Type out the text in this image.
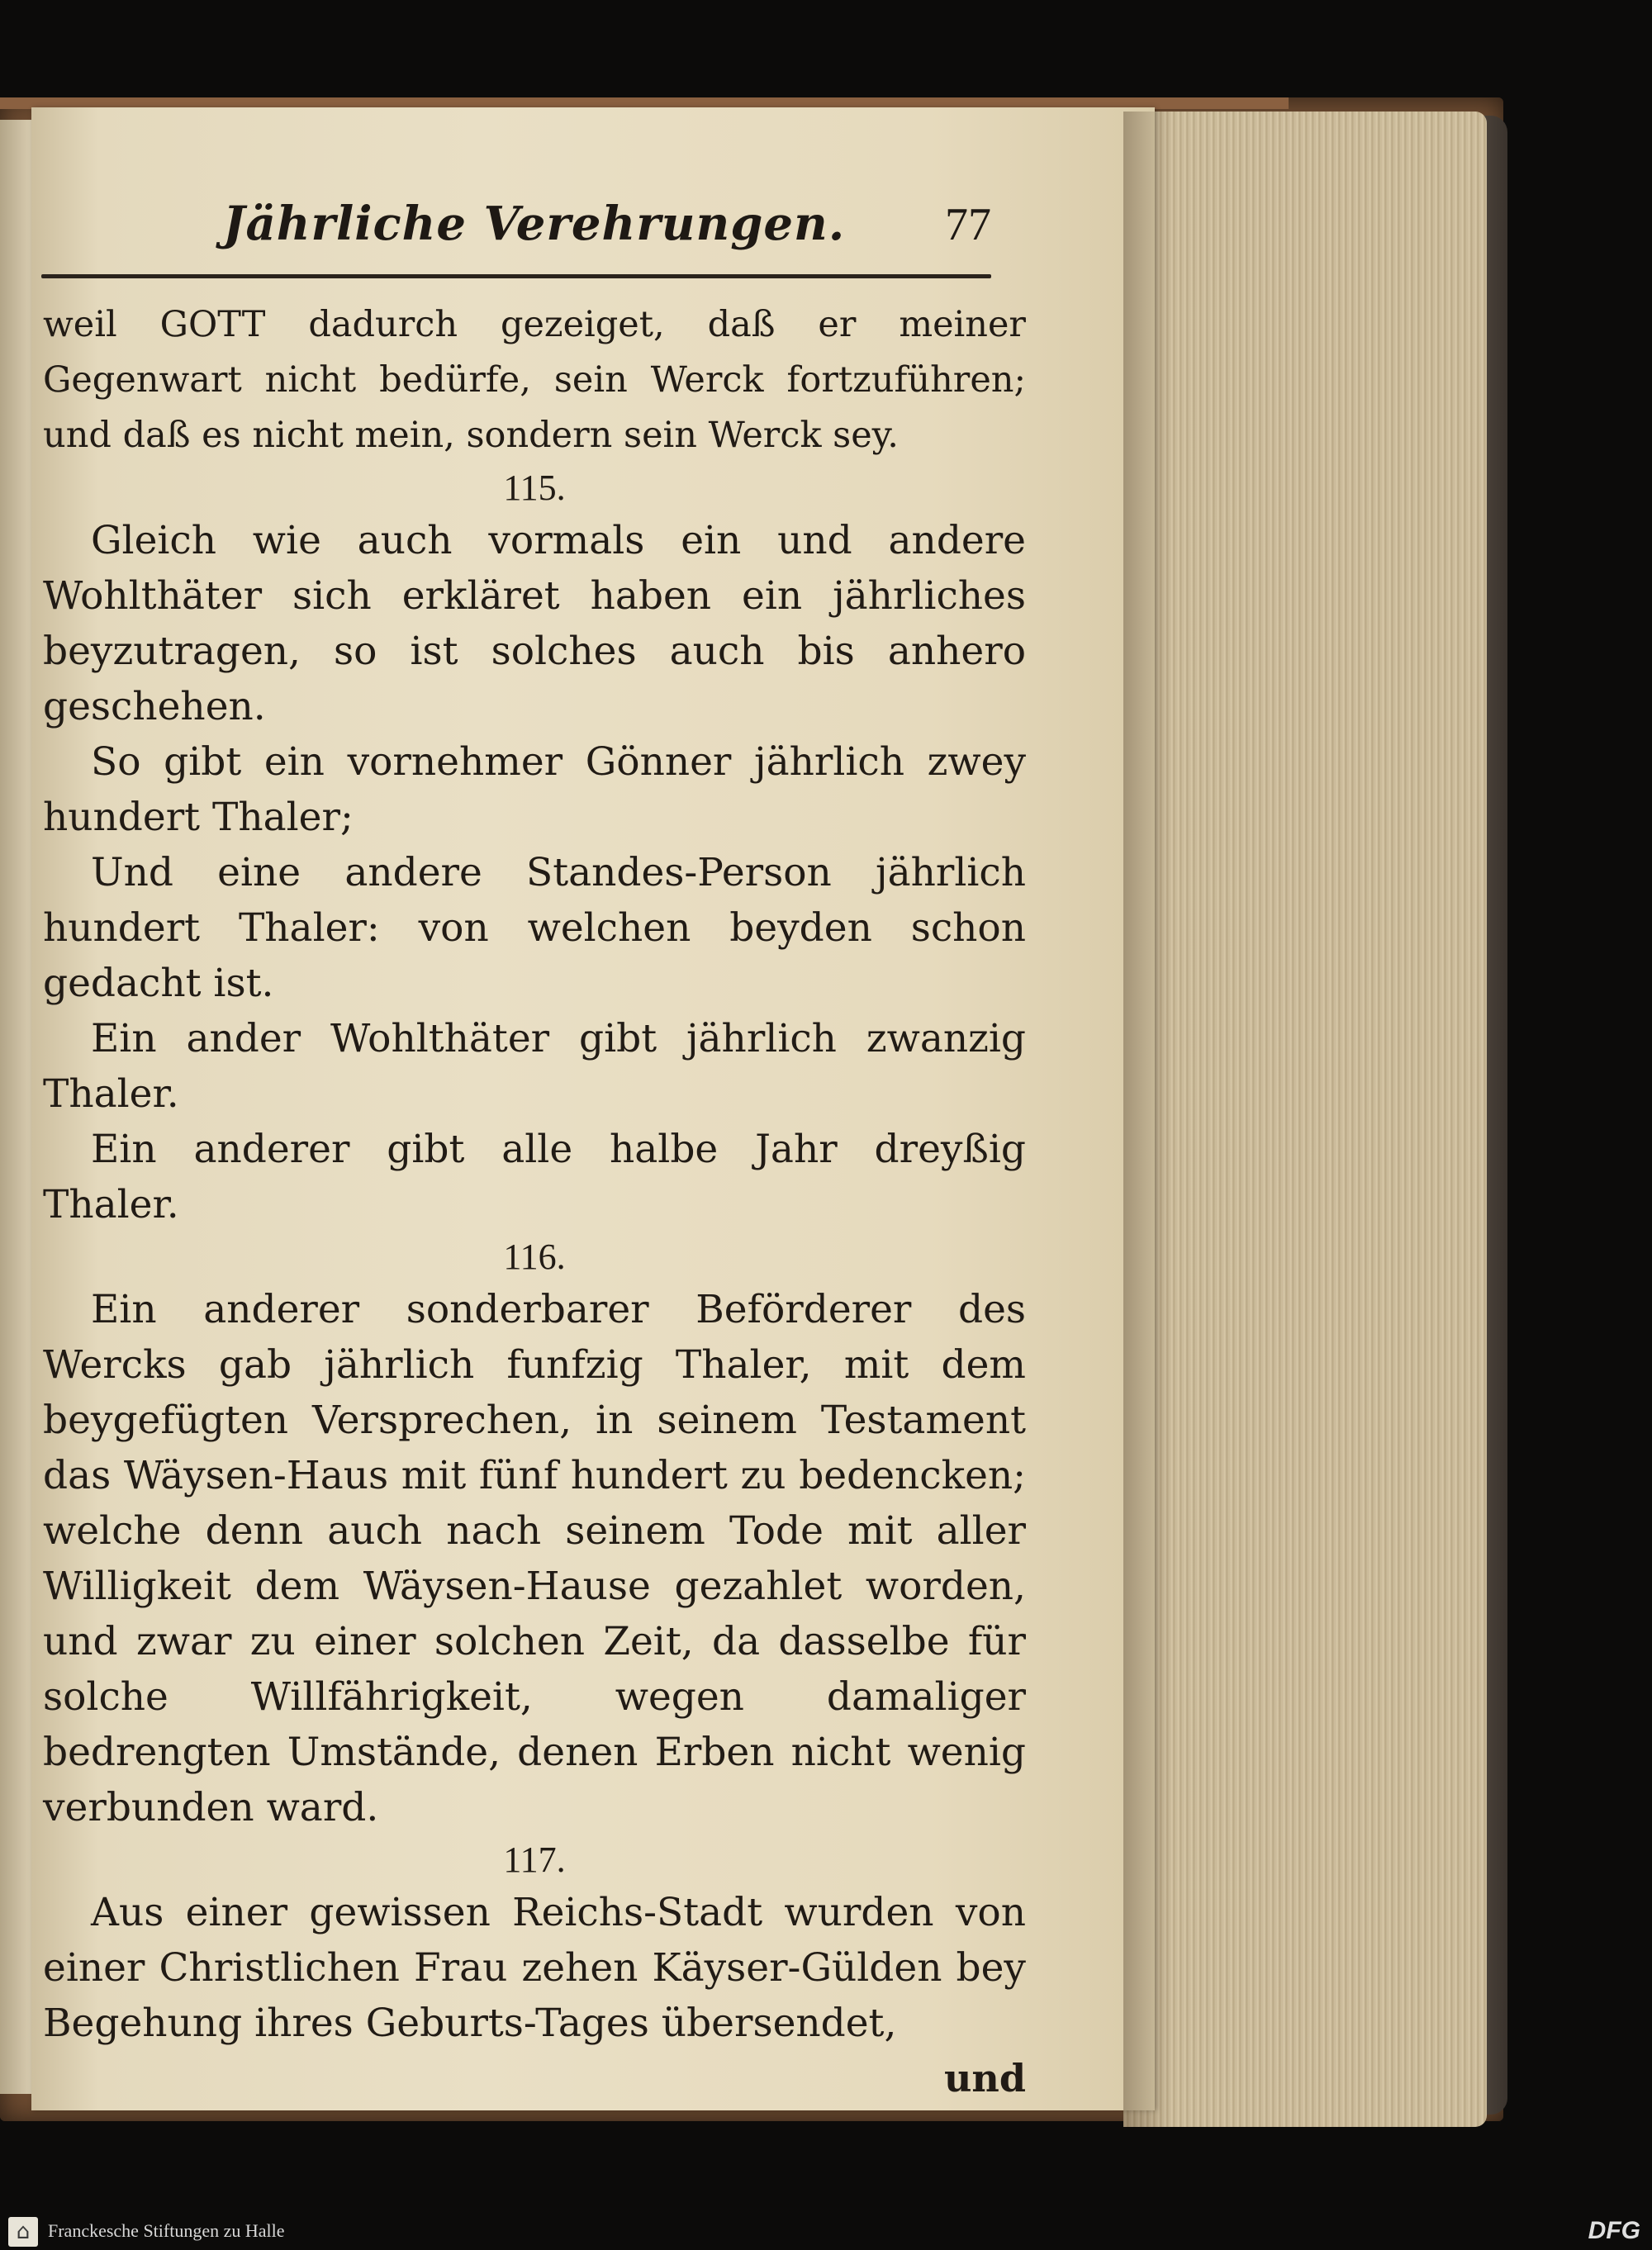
Jährliche Verehrungen. 77

weil GOTT dadurch gezeiget, daß er meiner Gegenwart nicht bedürfe, sein Werck fortzuführen; und daß es nicht mein, sondern sein Werck sey.

115.

Gleich wie auch vormals ein und andere Wohlthäter sich erkläret haben ein jährliches beyzutragen, so ist solches auch bis anhero geschehen.

So gibt ein vornehmer Gönner jährlich zwey hundert Thaler;

Und eine andere Standes-Person jährlich hundert Thaler: von welchen beyden schon gedacht ist.

Ein ander Wohlthäter gibt jährlich zwanzig Thaler.

Ein anderer gibt alle halbe Jahr dreyßig Thaler.

116.

Ein anderer sonderbarer Beförderer des Wercks gab jährlich funfzig Thaler, mit dem beygefügten Versprechen, in seinem Testament das Wäysen-Haus mit fünf hundert zu bedencken; welche denn auch nach seinem Tode mit aller Willigkeit dem Wäysen-Hause gezahlet worden, und zwar zu einer solchen Zeit, da dasselbe für solche Willfährigkeit, wegen damaliger bedrengten Umstände, denen Erben nicht wenig verbunden ward.

117.

Aus einer gewissen Reichs-Stadt wurden von einer Christlichen Frau zehen Käyser-Gülden bey Begehung ihres Geburts-Tages übersendet,

und

⌂ Franckesche Stiftungen zu Halle	DFG
